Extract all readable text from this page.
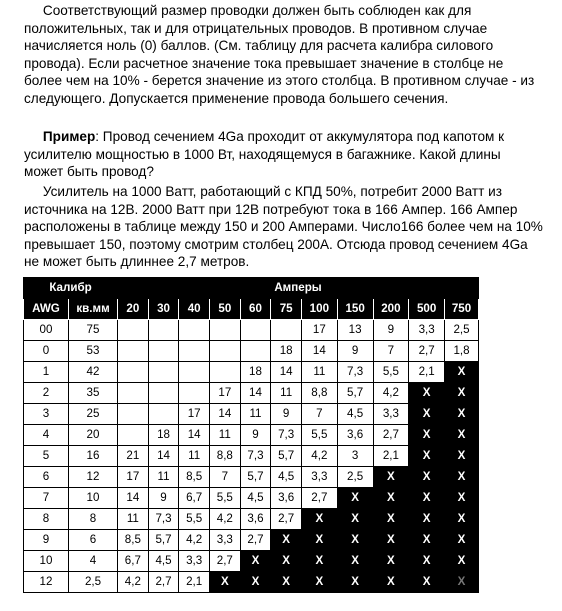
Соответствующий размер проводки должен быть соблюден как для
положительных, так и для отрицательных проводов. В противном случае
начисляется ноль (0) баллов. (См. таблицу для расчета калибра силового
провода). Если расчетное значение тока превышает значение в столбце не
более чем на 10% - берется значение из этого столбца. В противном случае - из
следующего. Допускается применение провода большего сечения.
Пример: Провод сечением 4Ga проходит от аккумулятора под капотом к
усилителю мощностью в 1000 Вт, находящемуся в багажнике. Какой длины
может быть провод?
Усилитель на 1000 Ватт, работающий с КПД 50%, потребит 2000 Ватт из
источника на 12В. 2000 Ватт при 12В потребуют тока в 166 Ампер. 166 Ампер
расположены в таблице между 150 и 200 Амперами. Число166 более чем на 10%
превышает 150, поэтому смотрим столбец 200А. Отсюда провод сечением 4Ga
не может быть длиннее 2,7 метров.
Калибр		Амперы										
AWG	кв.мм	20	30	40	50	60	75	100	150	200	500	750
00	75							17	13	9	3,3	2,5
0	53						18	14	9	7	2,7	1,8
1	42					18	14	11	7,3	5,5	2,1	X
2	35				17	14	11	8,8	5,7	4,2	X	X
3	25			17	14	11	9	7	4,5	3,3	X	X
4	20		18	14	11	9	7,3	5,5	3,6	2,7	X	X
5	16	21	14	11	8,8	7,3	5,7	4,2	3	2,1	X	X
6	12	17	11	8,5	7	5,7	4,5	3,3	2,5	X	X	X
7	10	14	9	6,7	5,5	4,5	3,6	2,7	X	X	X	X
8	8	11	7,3	5,5	4,2	3,6	2,7	X	X	X	X	X
9	6	8,5	5,7	4,2	3,3	2,7	X	X	X	X	X	X
10	4	6,7	4,5	3,3	2,7	X	X	X	X	X	X	X
12	2,5	4,2	2,7	2,1	X	X	X	X	X	X	X	X
